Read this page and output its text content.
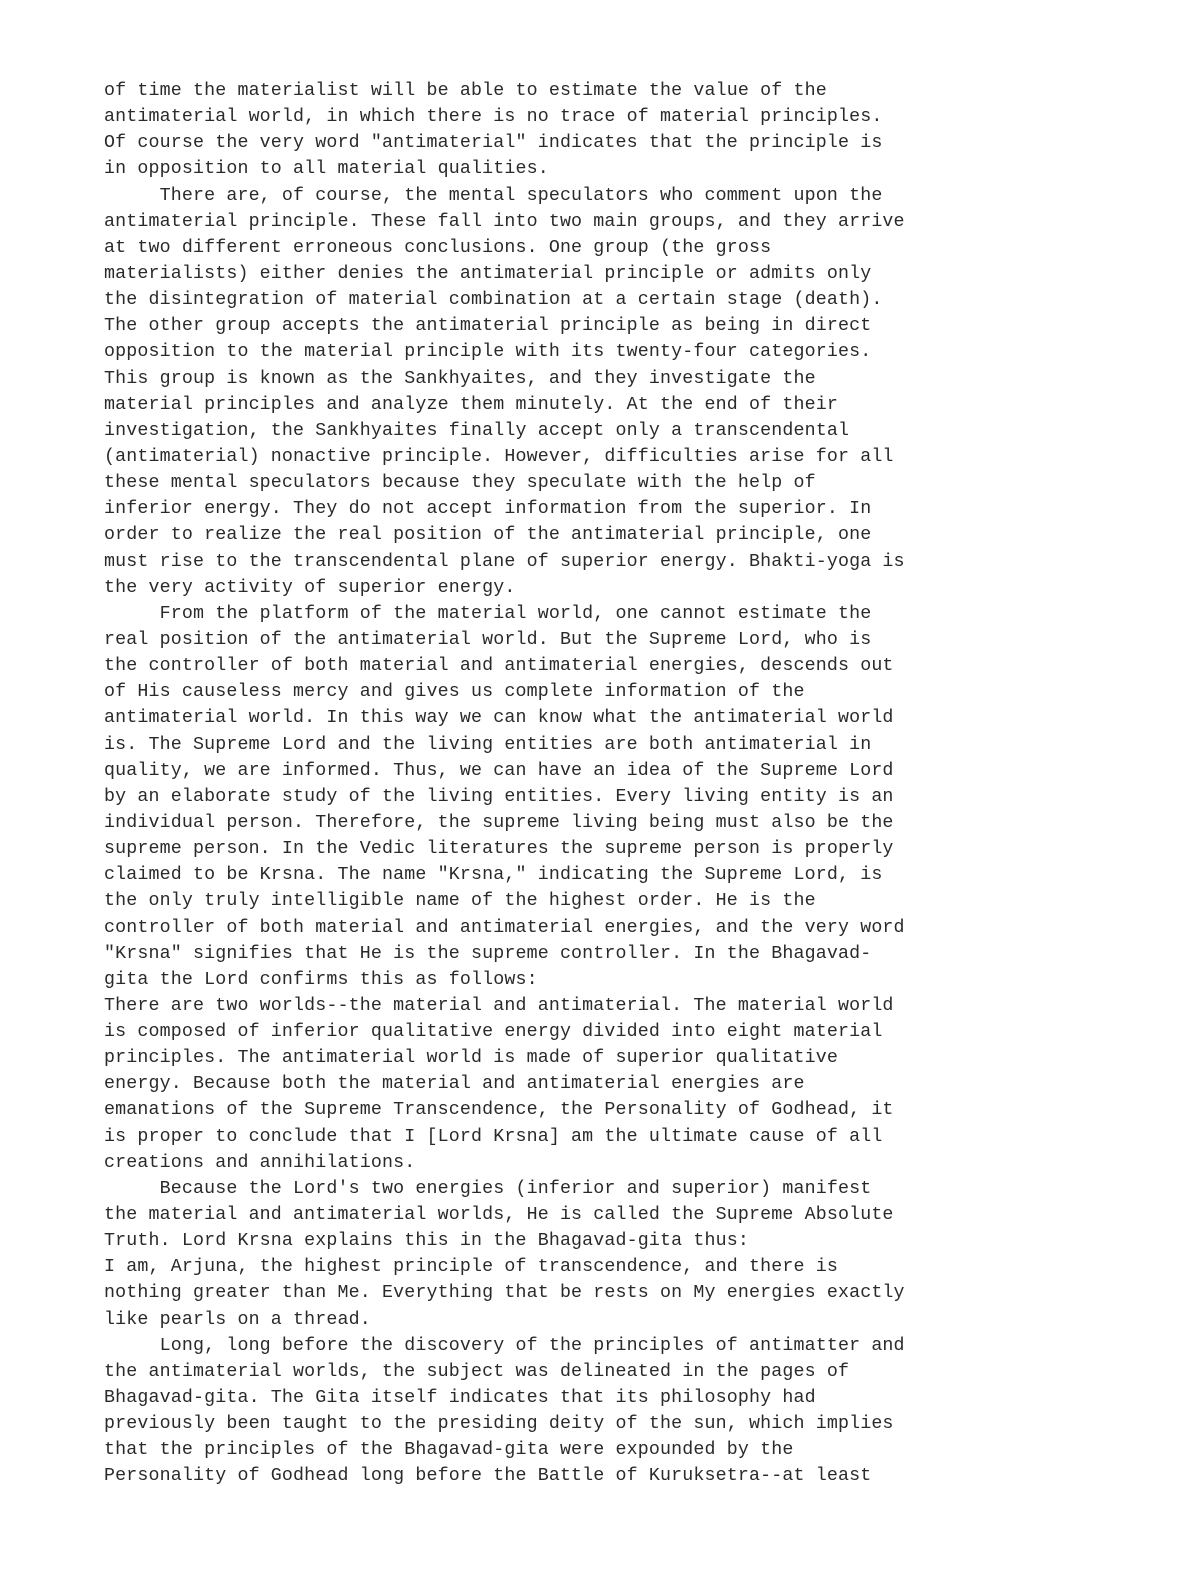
of time the materialist will be able to estimate the value of the
antimaterial world, in which there is no trace of material principles.
Of course the very word "antimaterial" indicates that the principle is
in opposition to all material qualities.
There are, of course, the mental speculators who comment upon the
antimaterial principle. These fall into two main groups, and they arrive
at two different erroneous conclusions. One group (the gross
materialists) either denies the antimaterial principle or admits only
the disintegration of material combination at a certain stage (death).
The other group accepts the antimaterial principle as being in direct
opposition to the material principle with its twenty-four categories.
This group is known as the Sankhyaites, and they investigate the
material principles and analyze them minutely. At the end of their
investigation, the Sankhyaites finally accept only a transcendental
(antimaterial) nonactive principle. However, difficulties arise for all
these mental speculators because they speculate with the help of
inferior energy. They do not accept information from the superior. In
order to realize the real position of the antimaterial principle, one
must rise to the transcendental plane of superior energy. Bhakti-yoga is
the very activity of superior energy.
From the platform of the material world, one cannot estimate the
real position of the antimaterial world. But the Supreme Lord, who is
the controller of both material and antimaterial energies, descends out
of His causeless mercy and gives us complete information of the
antimaterial world. In this way we can know what the antimaterial world
is. The Supreme Lord and the living entities are both antimaterial in
quality, we are informed. Thus, we can have an idea of the Supreme Lord
by an elaborate study of the living entities. Every living entity is an
individual person. Therefore, the supreme living being must also be the
supreme person. In the Vedic literatures the supreme person is properly
claimed to be Krsna. The name "Krsna," indicating the Supreme Lord, is
the only truly intelligible name of the highest order. He is the
controller of both material and antimaterial energies, and the very word
"Krsna" signifies that He is the supreme controller. In the Bhagavad-
gita the Lord confirms this as follows:
There are two worlds--the material and antimaterial. The material world
is composed of inferior qualitative energy divided into eight material
principles. The antimaterial world is made of superior qualitative
energy. Because both the material and antimaterial energies are
emanations of the Supreme Transcendence, the Personality of Godhead, it
is proper to conclude that I [Lord Krsna] am the ultimate cause of all
creations and annihilations.
Because the Lord's two energies (inferior and superior) manifest
the material and antimaterial worlds, He is called the Supreme Absolute
Truth. Lord Krsna explains this in the Bhagavad-gita thus:
I am, Arjuna, the highest principle of transcendence, and there is
nothing greater than Me. Everything that be rests on My energies exactly
like pearls on a thread.
Long, long before the discovery of the principles of antimatter and
the antimaterial worlds, the subject was delineated in the pages of
Bhagavad-gita. The Gita itself indicates that its philosophy had
previously been taught to the presiding deity of the sun, which implies
that the principles of the Bhagavad-gita were expounded by the
Personality of Godhead long before the Battle of Kuruksetra--at least
